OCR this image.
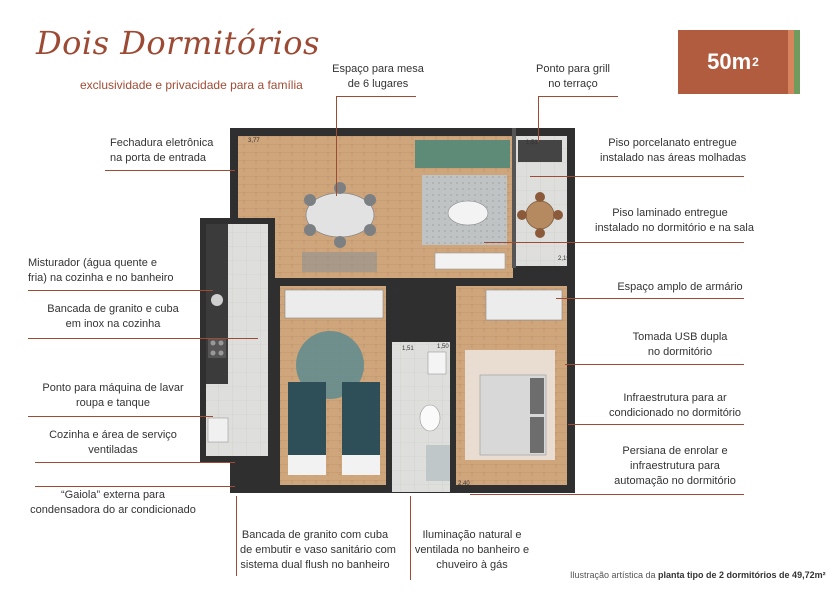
Dois Dormitórios
exclusividade e privacidade para a família
50m 2
3,77	1,51
2,19
1,51
2,40
1,65
1,50
Espaço para mesa
de 6 lugares
Ponto para grill
no terraço
Fechadura eletrônica
na porta de entrada
Misturador (água quente e
fria) na cozinha e no banheiro
Bancada de granito e cuba
em inox na cozinha
Ponto para máquina de lavar
roupa e tanque
Cozinha e área de serviço
ventiladas
“Gaiola” externa para
condensadora do ar condicionado
Bancada de granito com cuba
de embutir e vaso sanitário com
sistema dual flush no banheiro
Iluminação natural e
ventilada no banheiro e
chuveiro à gás
Piso porcelanato entregue
instalado nas áreas molhadas
Piso laminado entregue
instalado no dormitório e na sala
Espaço amplo de armário
Tomada USB dupla
no dormitório
Infraestrutura para ar
condicionado no dormitório
Persiana de enrolar e
infraestrutura para
automação no dormitório
Ilustração artística da planta tipo de 2 dormitórios de 49,72m²
